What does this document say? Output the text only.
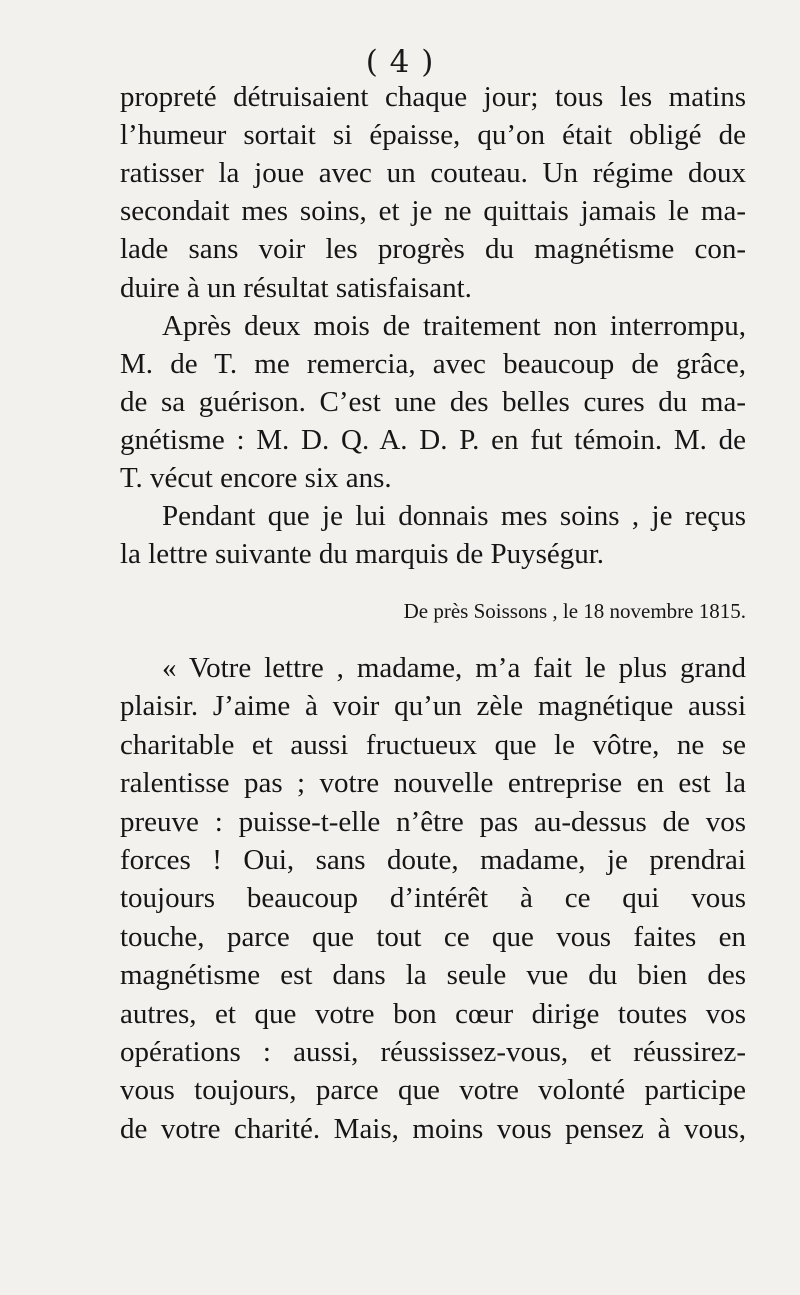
( 4 )
propreté détruisaient chaque jour; tous les matins
l’humeur sortait si épaisse, qu’on était obligé de
ratisser la joue avec un couteau. Un régime doux
secondait mes soins, et je ne quittais jamais le ma-
lade sans voir les progrès du magnétisme con-
duire à un résultat satisfaisant.
Après deux mois de traitement non interrompu,
M. de T. me remercia, avec beaucoup de grâce,
de sa guérison. C’est une des belles cures du ma-
gnétisme : M. D. Q. A. D. P. en fut témoin. M. de
T. vécut encore six ans.
Pendant que je lui donnais mes soins , je reçus
la lettre suivante du marquis de Puységur.
De près Soissons , le 18 novembre 1815.
« Votre lettre , madame, m’a fait le plus grand
plaisir. J’aime à voir qu’un zèle magnétique aussi
charitable et aussi fructueux que le vôtre, ne se
ralentisse pas ; votre nouvelle entreprise en est la
preuve : puisse-t-elle n’être pas au-dessus de vos
forces ! Oui, sans doute, madame, je prendrai
toujours beaucoup d’intérêt à ce qui vous
touche, parce que tout ce que vous faites en
magnétisme est dans la seule vue du bien des
autres, et que votre bon cœur dirige toutes vos
opérations : aussi, réussissez-vous, et réussirez-
vous toujours, parce que votre volonté participe
de votre charité. Mais, moins vous pensez à vous,
